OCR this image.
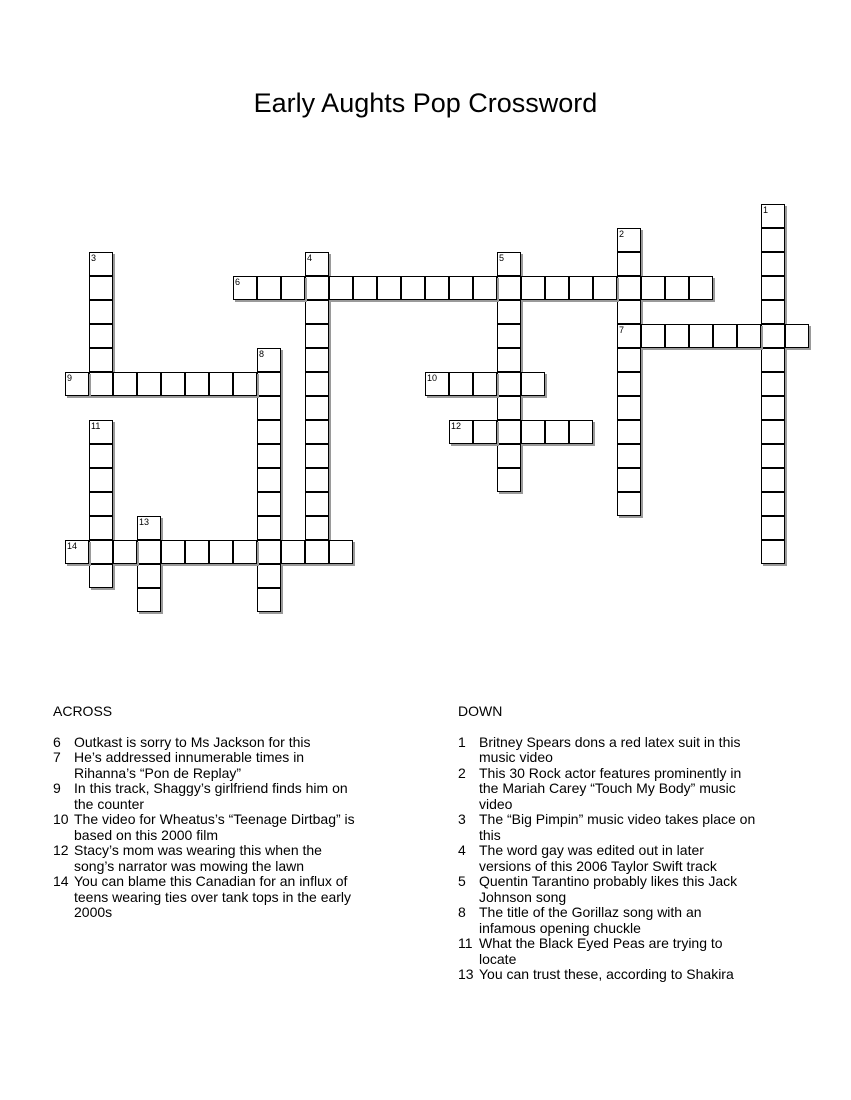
Early Aughts Pop Crossword
1
2
7
3	4	5
6
8
9	10
11	12
13
14
ACROSS
6 Outkast is sorry to Ms Jackson for this
7 He’s addressed innumerable times in Rihanna’s “Pon de Replay”
9 In this track, Shaggy’s girlfriend finds him on the counter
10 The video for Wheatus’s “Teenage Dirtbag” is based on this 2000 film
12 Stacy’s mom was wearing this when the song’s narrator was mowing the lawn
14 You can blame this Canadian for an influx of teens wearing ties over tank tops in the early 2000s
DOWN
1 Britney Spears dons a red latex suit in this music video
2 This 30 Rock actor features prominently in the Mariah Carey “Touch My Body” music video
3 The “Big Pimpin” music video takes place on this
4 The word gay was edited out in later versions of this 2006 Taylor Swift track
5 Quentin Tarantino probably likes this Jack Johnson song
8 The title of the Gorillaz song with an infamous opening chuckle
11 What the Black Eyed Peas are trying to locate
13 You can trust these, according to Shakira
